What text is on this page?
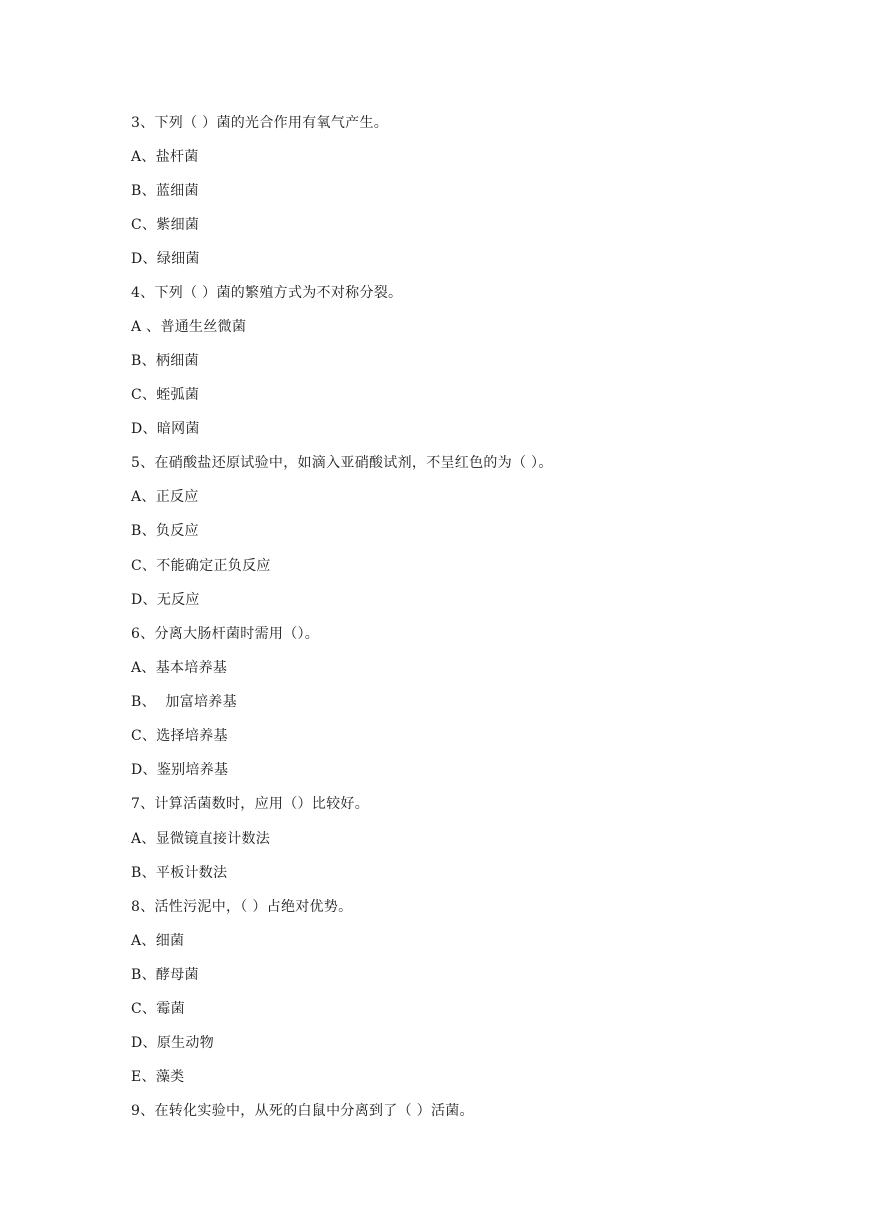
3、下列（ ）菌的光合作用有氧气产生。
A、盐杆菌
B、蓝细菌
C、紫细菌
D、绿细菌
4、下列（ ）菌的繁殖方式为不对称分裂。
A 、普通生丝微菌
B、柄细菌
C、蛭弧菌
D、暗网菌
5、在硝酸盐还原试验中，如滴入亚硝酸试剂，不呈红色的为（ ）。
A、正反应
B、负反应
C、不能确定正负反应
D、无反应
6、分离大肠杆菌时需用（）。
A、基本培养基
B、  加富培养基
C、选择培养基
D、鉴别培养基
7、计算活菌数时，应用（）比较好。
A、显微镜直接计数法
B、平板计数法
8、活性污泥中，（ ）占绝对优势。
A、细菌
B、酵母菌
C、霉菌
D、原生动物
E、藻类
9、在转化实验中，从死的白鼠中分离到了（ ）活菌。
